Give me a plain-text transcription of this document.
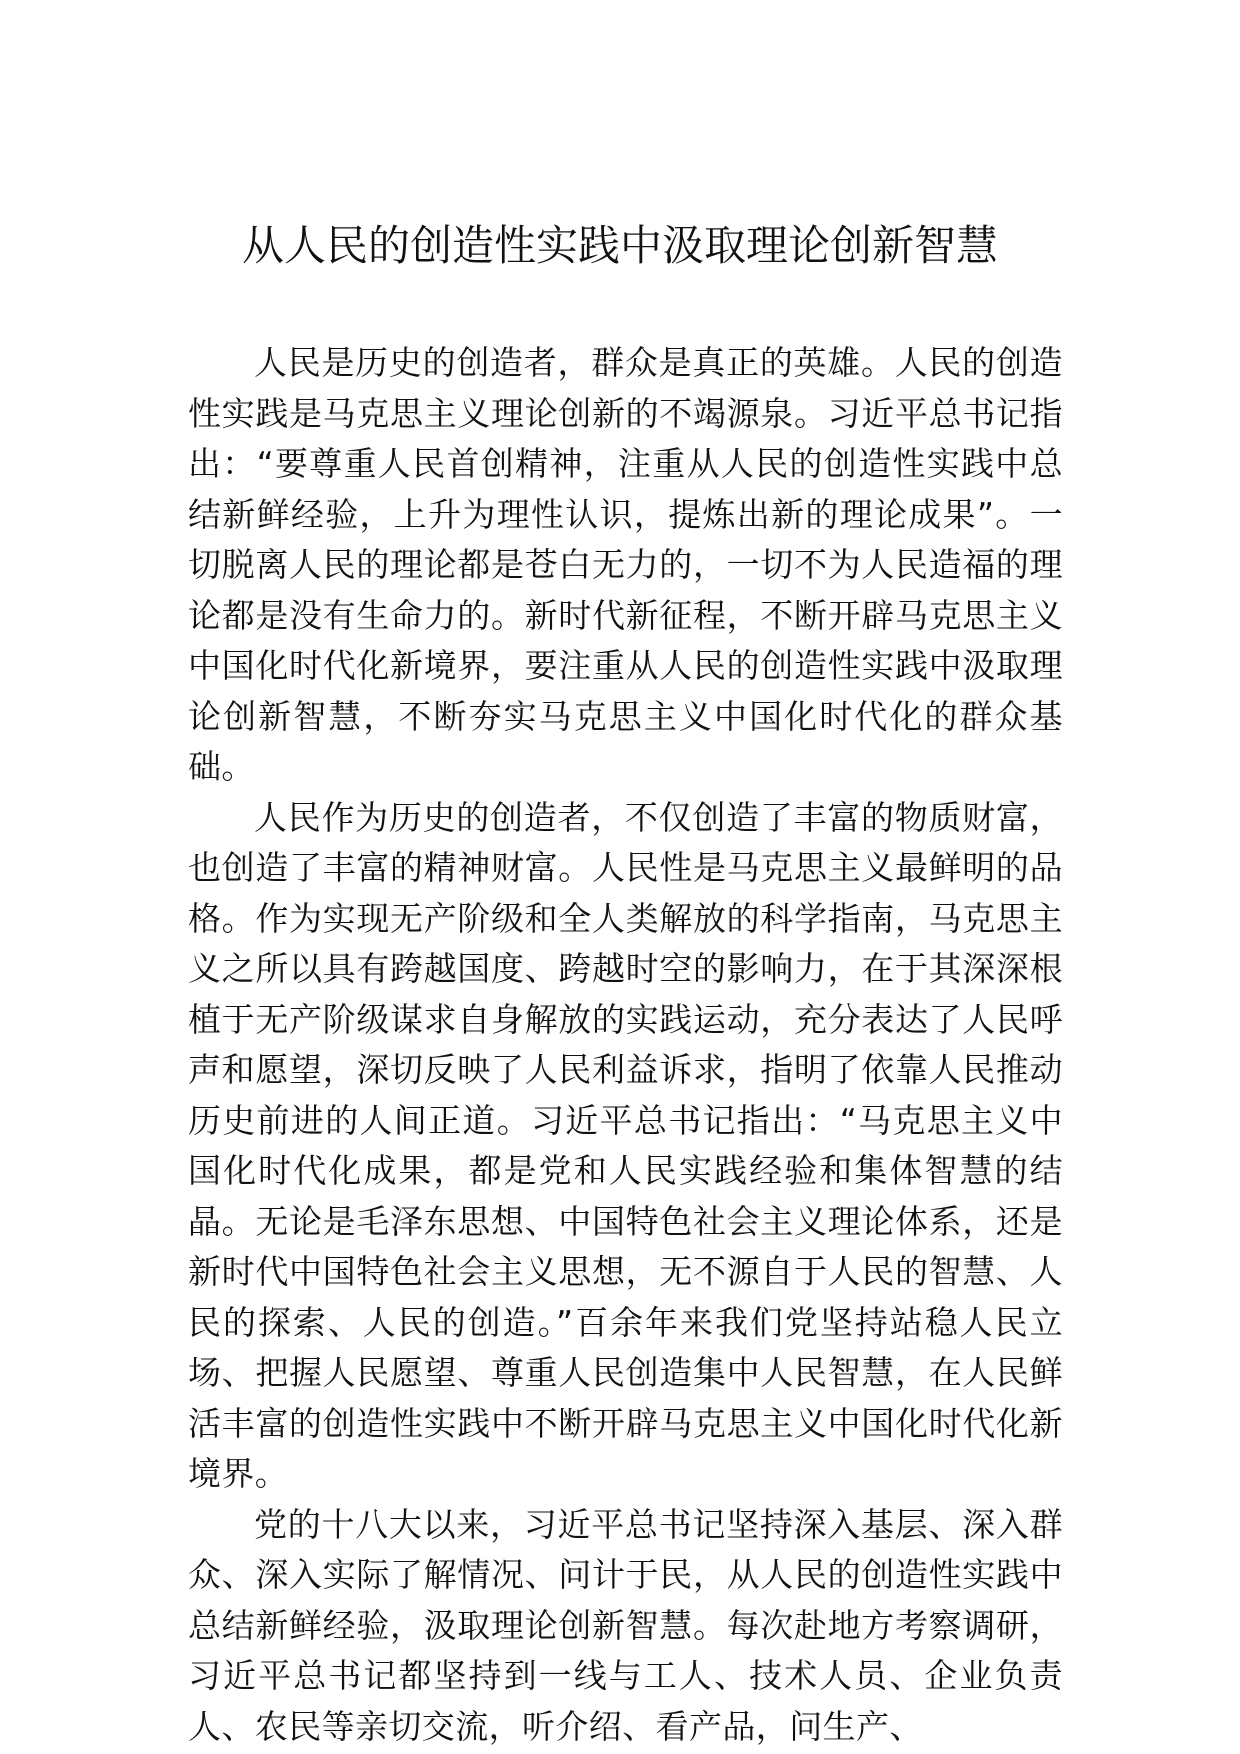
从人民的创造性实践中汲取理论创新智慧

人民是历史的创造者，群众是真正的英雄。人民的创造性实践是马克思主义理论创新的不竭源泉。习近平总书记指出：“要尊重人民首创精神，注重从人民的创造性实践中总结新鲜经验，上升为理性认识，提炼出新的理论成果”。一切脱离人民的理论都是苍白无力的，一切不为人民造福的理论都是没有生命力的。新时代新征程，不断开辟马克思主义中国化时代化新境界，要注重从人民的创造性实践中汲取理论创新智慧，不断夯实马克思主义中国化时代化的群众基础。

人民作为历史的创造者，不仅创造了丰富的物质财富，也创造了丰富的精神财富。人民性是马克思主义最鲜明的品格。作为实现无产阶级和全人类解放的科学指南，马克思主义之所以具有跨越国度、跨越时空的影响力，在于其深深根植于无产阶级谋求自身解放的实践运动，充分表达了人民呼声和愿望，深切反映了人民利益诉求，指明了依靠人民推动历史前进的人间正道。习近平总书记指出：“马克思主义中国化时代化成果，都是党和人民实践经验和集体智慧的结晶。无论是毛泽东思想、中国特色社会主义理论体系，还是新时代中国特色社会主义思想，无不源自于人民的智慧、人民的探索、人民的创造。”百余年来我们党坚持站稳人民立场、把握人民愿望、尊重人民创造集中人民智慧，在人民鲜活丰富的创造性实践中不断开辟马克思主义中国化时代化新境界。

党的十八大以来，习近平总书记坚持深入基层、深入群众、深入实际了解情况、问计于民，从人民的创造性实践中总结新鲜经验，汲取理论创新智慧。每次赴地方考察调研，习近平总书记都坚持到一线与工人、技术人员、企业负责人、农民等亲切交流，听介绍、看产品，问生产、
